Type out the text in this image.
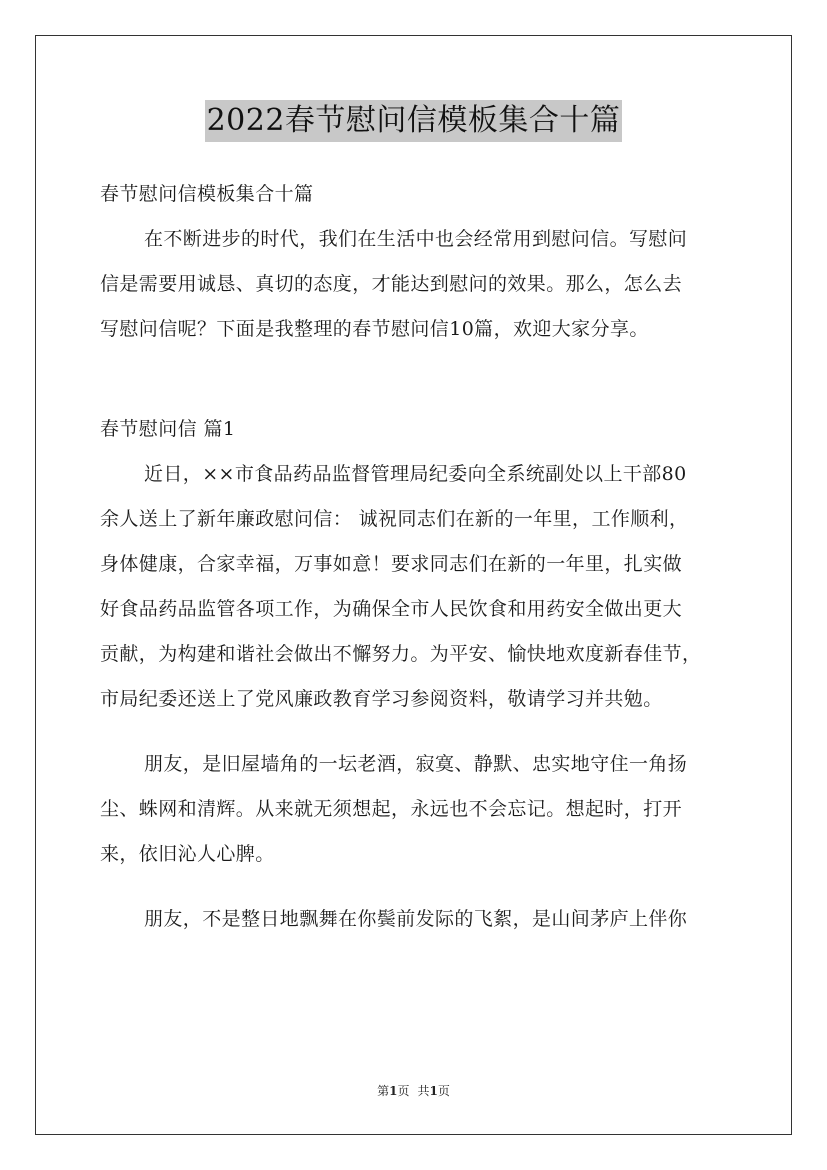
2022春节慰问信模板集合十篇
春节慰问信模板集合十篇
在不断进步的时代，我们在生活中也会经常用到慰问信。写慰问
信是需要用诚恳、真切的态度，才能达到慰问的效果。那么，怎么去
写慰问信呢？下面是我整理的春节慰问信10篇，欢迎大家分享。
春节慰问信 篇1
近日，××市食品药品监督管理局纪委向全系统副处以上干部80
余人送上了新年廉政慰问信： 诚祝同志们在新的一年里，工作顺利，
身体健康，合家幸福，万事如意！要求同志们在新的一年里，扎实做
好食品药品监管各项工作，为确保全市人民饮食和用药安全做出更大
贡献，为构建和谐社会做出不懈努力。为平安、愉快地欢度新春佳节，
市局纪委还送上了党风廉政教育学习参阅资料，敬请学习并共勉。
朋友，是旧屋墙角的一坛老酒，寂寞、静默、忠实地守住一角扬
尘、蛛网和清辉。从来就无须想起，永远也不会忘记。想起时，打开
来，依旧沁人心脾。
朋友，不是整日地飘舞在你鬓前发际的飞絮，是山间茅庐上伴你
第1页 共1页
